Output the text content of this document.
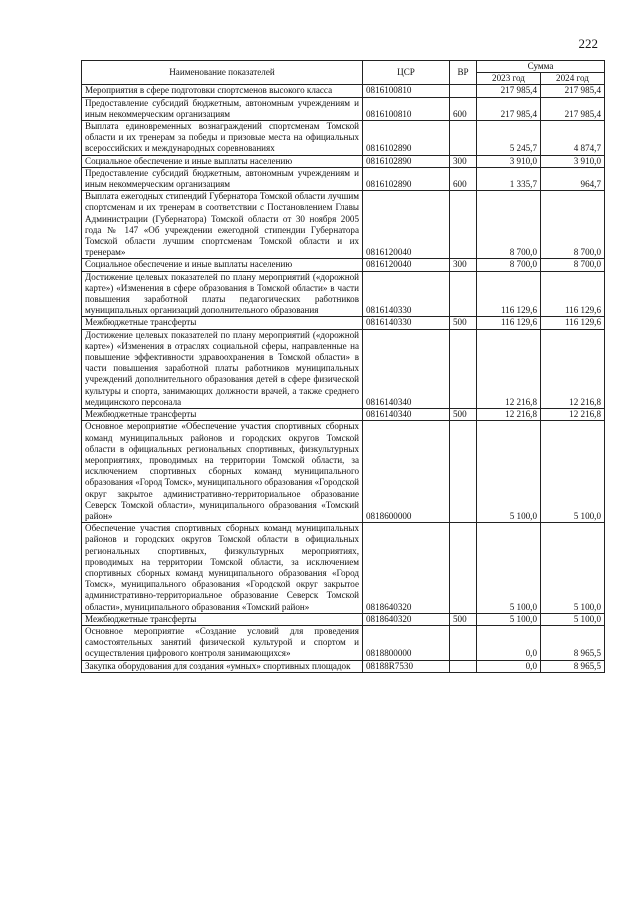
222
Наименование показателей	ЦСР	ВР	Сумма	
			2023 год	2024 год
Мероприятия в сфере подготовки спортсменов высокого класса	0816100810		217 985,4	217 985,4
Предоставление субсидий бюджетным, автономным учреждениям и иным некоммерческим организациям	0816100810	600	217 985,4	217 985,4
Выплата единовременных вознаграждений спортсменам Томской области и их тренерам за победы и призовые места на официальных всероссийских и международных соревнованиях	0816102890		5 245,7	4 874,7
Социальное обеспечение и иные выплаты населению	0816102890	300	3 910,0	3 910,0
Предоставление субсидий бюджетным, автономным учреждениям и иным некоммерческим организациям	0816102890	600	1 335,7	964,7
Выплата ежегодных стипендий Губернатора Томской области лучшим спортсменам и их тренерам в соответствии с Постановлением Главы Администрации (Губернатора) Томской области от 30 ноября 2005 года № 147 «Об учреждении ежегодной стипендии Губернатора Томской области лучшим спортсменам Томской области и их тренерам»	0816120040		8 700,0	8 700,0
Социальное обеспечение и иные выплаты населению	0816120040	300	8 700,0	8 700,0
Достижение целевых показателей по плану мероприятий («дорожной карте») «Изменения в сфере образования в Томской области» в части повышения заработной платы педагогических работников муниципальных организаций дополнительного образования	0816140330		116 129,6	116 129,6
Межбюджетные трансферты	0816140330	500	116 129,6	116 129,6
Достижение целевых показателей по плану мероприятий («дорожной карте») «Изменения в отраслях социальной сферы, направленные на повышение эффективности здравоохранения в Томской области» в части повышения заработной платы работников муниципальных учреждений дополнительного образования детей в сфере физической культуры и спорта, занимающих должности врачей, а также среднего медицинского персонала	0816140340		12 216,8	12 216,8
Межбюджетные трансферты	0816140340	500	12 216,8	12 216,8
Основное мероприятие «Обеспечение участия спортивных сборных команд муниципальных районов и городских округов Томской области в официальных региональных спортивных, физкультурных мероприятиях, проводимых на территории Томской области, за исключением спортивных сборных команд муниципального образования «Город Томск», муниципального образования «Городской округ закрытое административно-территориальное образование Северск Томской области», муниципального образования «Томский район»	0818600000		5 100,0	5 100,0
Обеспечение участия спортивных сборных команд муниципальных районов и городских округов Томской области в официальных региональных спортивных, физкультурных мероприятиях, проводимых на территории Томской области, за исключением спортивных сборных команд муниципального образования «Город Томск», муниципального образования «Городской округ закрытое административно-территориальное образование Северск Томской области», муниципального образования «Томский район»	0818640320		5 100,0	5 100,0
Межбюджетные трансферты	0818640320	500	5 100,0	5 100,0
Основное мероприятие «Создание условий для проведения самостоятельных занятий физической культурой и спортом и осуществления цифрового контроля занимающихся»	0818800000		0,0	8 965,5
Закупка оборудования для создания «умных» спортивных площадок	08188R7530		0,0	8 965,5
